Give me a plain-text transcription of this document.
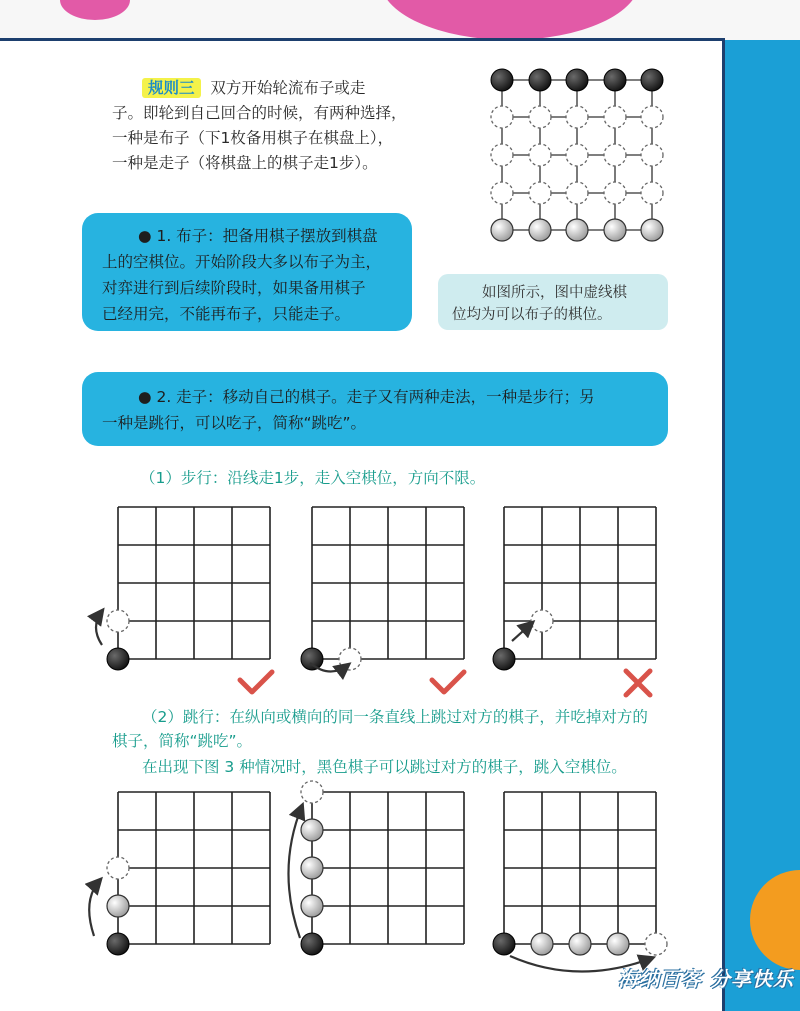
规则三 双方开始轮流布子或走
子。即轮到自己回合的时候，有两种选择，
一种是布子（下1枚备用棋子在棋盘上），
一种是走子（将棋盘上的棋子走1步）。
● 1. 布子：把备用棋子摆放到棋盘
上的空棋位。开始阶段大多以布子为主，
对弈进行到后续阶段时，如果备用棋子
已经用完，不能再布子，只能走子。
如图所示，图中虚线棋
位均为可以布子的棋位。
● 2. 走子：移动自己的棋子。走子又有两种走法，一种是步行；另
一种是跳行，可以吃子，简称“跳吃”。
（1）步行：沿线走1步，走入空棋位，方向不限。
（2）跳行：在纵向或横向的同一条直线上跳过对方的棋子，并吃掉对方的
棋子，简称“跳吃”。
在出现下图 3 种情况时，黑色棋子可以跳过对方的棋子，跳入空棋位。
海纳百客 分享快乐
